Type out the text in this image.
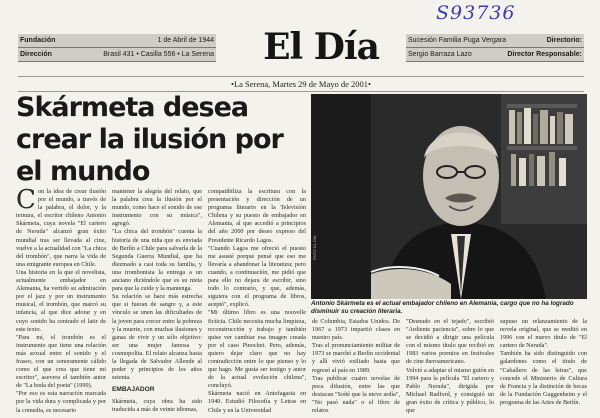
S93736
Fundación	1 de Abril de 1944
Dirección	Brasil 431 • Casilla 556 • La Serena	El Día	Sucesión Familia Puga Vergara	Directorio:
Sergio Barraza Lazo	Director Responsable:
•La Serena, Martes 29 de Mayo de 2001•
Skármeta desea crear la ilusión por el mundo
FOTO EL DÍA
Antonio Skármeta es el actual embajador chileno en Alemania, cargo que no ha logrado disminuir su creación literaria.
C on la idea de crear ilusión por el mundo, a través de la palabra, el dolor, y la ternura, el escritor chileno Antonio Skármeta, cuya novela "El cartero de Neruda" alcanzó gran éxito mundial tras ser llevada al cine, vuelve a la actualidad con "La chica del trombón", que narra la vida de una emigrante europea en Chile.

Una historia en la que el novelista, actualmente embajador en Alemania, ha vertido su admiración por el jazz y por un instrumento musical, el trombón, que marcó su infancia, al que dice adorar y en cuyo sonido ha centrado el latir de este texto.

"Para mí, el trombón es el instrumento que tiene una relación más sexual entre el sonido y el fraseo, con un sonoramente cálido como el que crea que tiene mi escritor", asevera el también autor de "La boda del poeta" (1999).

"Por eso es esta narración marcada por la vida dura y complicada y por la comedia, es necesario

mantener la alegría del relato, que la palabra crea la ilusión por el mundo, como hace el sonido de ese instrumento con su música", agregó.

"La chica del trombón" cuenta la historia de una niña que es enviada de Berlín a Chile para salvarla de la Segunda Guerra Mundial, que ha diezmado a casi toda su familia, y una trombonista la entrega a un anciano diciéndole que es su nieta para que la cuide y la mantenga.

Su relación se hace más estrecha que si fueran de sangre y, a este vínculo se unen las dificultades de la joven para crecer entre la pobreza y la muerte, con muchas ilusiones y ganas de vivir y un sólo objetivo: ser una mujer famosa y cosmopolita. El relato alcanza hasta la llegada de Salvador Allende al poder y principios de los años setenta.

EMBAJADOR

Skármeta, cuya obra ha sido traducida a más de veinte idiomas,

compatibiliza la escritura con la presentación y dirección de un programa literario en la Televisión Chilena y su puesto de embajador en Alemania, al que accedió a principios del año 2000 por deseo expreso del Presidente Ricardo Lagos.

"Cuando Lagos me ofreció el puesto me asusté porque pensé que eso me llevaría a abandonar la literatura; pero cuando, a continuación, me pidió que para ello no dejara de escribir, sino todo lo contrario, y que, además, siguiera con el programa de libros, aceptó", explicó.

"Mi último libro es una nouvelle ficticia. Chile necesita mucha limpieza, reconstrucción y trabajo y también quise ver cambiar esa imagen creada por el caso Pinochet. Pero, además, quiero dejar claro que no hay contradicción entre lo que pienso y lo que hago. Me gusta ser testigo y autor de la actual evolución chilena", concluyó.

Skármeta nació en Antofagasta en 1940. Estudió Filosofía y Letras en Chile y en la Universidad

de Columbia, Estados Unidos. De 1967 a 1973 impartió clases en nuestro país.

Tras el pronunciamiento militar de 1973 se marchó a Berlín occidental y allí vivió exiliado hasta que regresó al país en 1989.

Tras publicar cuatro novelas de poca difusión, entre las que destacan "Soñé que la nieve ardía", "No pasó nada" o el libro de relatos

"Desnudo en el tejado", escribió "Ardiente paciencia", sobre lo que se decidió a dirigir una película con el mismo título que recibió en 1983 varios premios en festivales de cine iberoamericano.

Volvió a adaptar el mismo guión en 1994 para la película "El cartero y Pablo Neruda", dirigida por Michael Radford, y consiguió un gran éxito de crítica y público, lo que

supuso un relanzamiento de la novela original, que se reeditó en 1996 con el nuevo título de "El cartero de Neruda".

También ha sido distinguido con galardones como el título de "Caballero de las letras", que concede el Ministerio de Cultura de Francia y la distinción de becas de la Fundación Guggenheim y el programa de las Artes de Berlín.
